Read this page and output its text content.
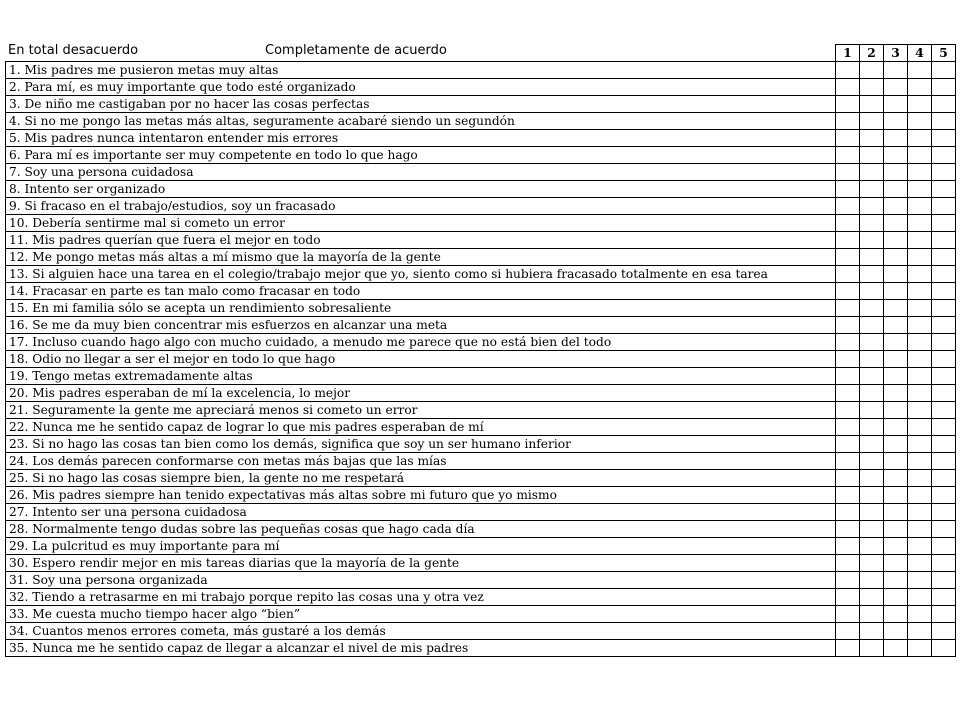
En total desacuerdo	Completamente de acuerdo
		1	2	3	4	5
1. Mis padres me pusieron metas muy altas					
2. Para mí, es muy importante que todo esté organizado					
3. De niño me castigaban por no hacer las cosas perfectas					
4. Si no me pongo las metas más altas, seguramente acabaré siendo un segundón					
5. Mis padres nunca intentaron entender mis errores					
6. Para mí es importante ser muy competente en todo lo que hago					
7. Soy una persona cuidadosa					
8. Intento ser organizado					
9. Si fracaso en el trabajo/estudios, soy un fracasado					
10. Debería sentirme mal si cometo un error					
11. Mis padres querían que fuera el mejor en todo					
12. Me pongo metas más altas a mí mismo que la mayoría de la gente					
13. Si alguien hace una tarea en el colegio/trabajo mejor que yo, siento como si hubiera fracasado totalmente en esa tarea					
14. Fracasar en parte es tan malo como fracasar en todo					
15. En mi familia sólo se acepta un rendimiento sobresaliente					
16. Se me da muy bien concentrar mis esfuerzos en alcanzar una meta					
17. Incluso cuando hago algo con mucho cuidado, a menudo me parece que no está bien del todo					
18. Odio no llegar a ser el mejor en todo lo que hago					
19. Tengo metas extremadamente altas					
20. Mis padres esperaban de mí la excelencia, lo mejor					
21. Seguramente la gente me apreciará menos si cometo un error					
22. Nunca me he sentido capaz de lograr lo que mis padres esperaban de mí					
23. Si no hago las cosas tan bien como los demás, significa que soy un ser humano inferior					
24. Los demás parecen conformarse con metas más bajas que las mías					
25. Si no hago las cosas siempre bien, la gente no me respetará					
26. Mis padres siempre han tenido expectativas más altas sobre mi futuro que yo mismo					
27. Intento ser una persona cuidadosa					
28. Normalmente tengo dudas sobre las pequeñas cosas que hago cada día					
29. La pulcritud es muy importante para mí					
30. Espero rendir mejor en mis tareas diarias que la mayoría de la gente					
31. Soy una persona organizada					
32. Tiendo a retrasarme en mi trabajo porque repito las cosas una y otra vez					
33. Me cuesta mucho tiempo hacer algo “bien”					
34. Cuantos menos errores cometa, más gustaré a los demás					
35. Nunca me he sentido capaz de llegar a alcanzar el nivel de mis padres					
